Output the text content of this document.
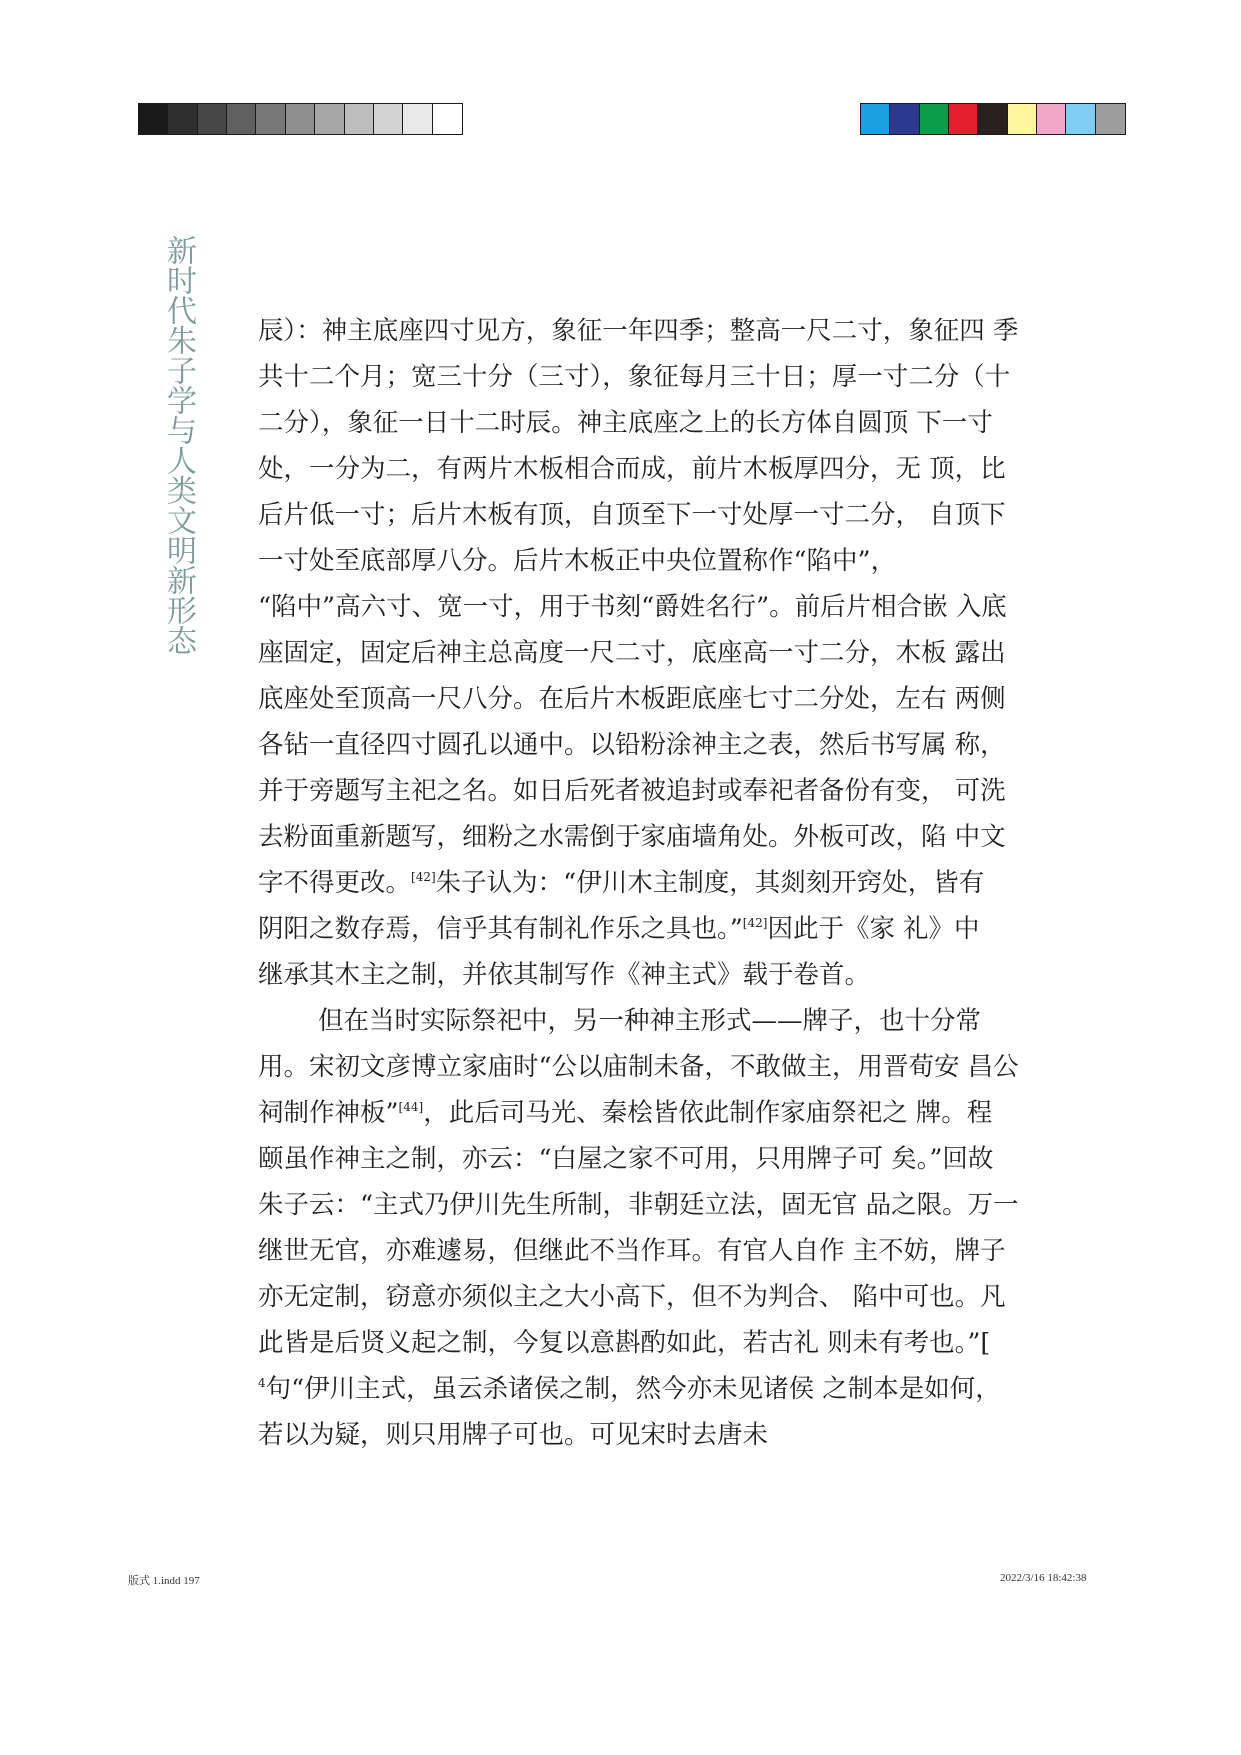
新时代朱子学与人类文明新形态 辰）：神主底座四寸见方，象征一年四季；整高一尺二寸，象征四 季

共十二个月；宽三十分（三寸），象征每月三十日；厚一寸二分（十

二分），象征一日十二时辰。神主底座之上的长方体自圆顶 下一寸

处，一分为二，有两片木板相合而成，前片木板厚四分，无 顶，比

后片低一寸；后片木板有顶，自顶至下一寸处厚一寸二分， 自顶下

一寸处至底部厚八分。后片木板正中央位置称作“陷中”，

“陷中”高六寸、宽一寸，用于书刻“爵姓名行”。前后片相合嵌 入底

座固定，固定后神主总高度一尺二寸，底座高一寸二分，木板 露出

底座处至顶高一尺八分。在后片木板距底座七寸二分处，左右 两侧

各钻一直径四寸圆孔以通中。以铅粉涂神主之表，然后书写属 称，

并于旁题写主祀之名。如日后死者被追封或奉祀者备份有变， 可洗

去粉面重新题写，细粉之水需倒于家庙墙角处。外板可改，陷 中文

字不得更改。[42]朱子认为：“伊川木主制度，其剡刻开窍处，皆有

阴阳之数存焉，信乎其有制礼作乐之具也。”[42]因此于《家 礼》中

继承其木主之制，并依其制写作《神主式》载于卷首。

但在当时实际祭祀中，另一种神主形式——牌子，也十分常

用。宋初文彦博立家庙时“公以庙制未备，不敢做主，用晋荀安 昌公

祠制作神板”[44]，此后司马光、秦桧皆依此制作家庙祭祀之 牌。程

颐虽作神主之制，亦云：“白屋之家不可用，只用牌子可 矣。”回故

朱子云：“主式乃伊川先生所制，非朝廷立法，固无官 品之限。万一

继世无官，亦难遽易，但继此不当作耳。有官人自作 主不妨，牌子

亦无定制，窃意亦须似主之大小高下，但不为判合、 陷中可也。凡

此皆是后贤义起之制，今复以意斟酌如此，若古礼 则未有考也。”[

$^4$句“伊川主式，虽云杀诸侯之制，然今亦未见诸侯 之制本是如何，

若以为疑，则只用牌子可也。可见宋时去唐未

版式 1.indd 197	2022/3/16 18:42:38
